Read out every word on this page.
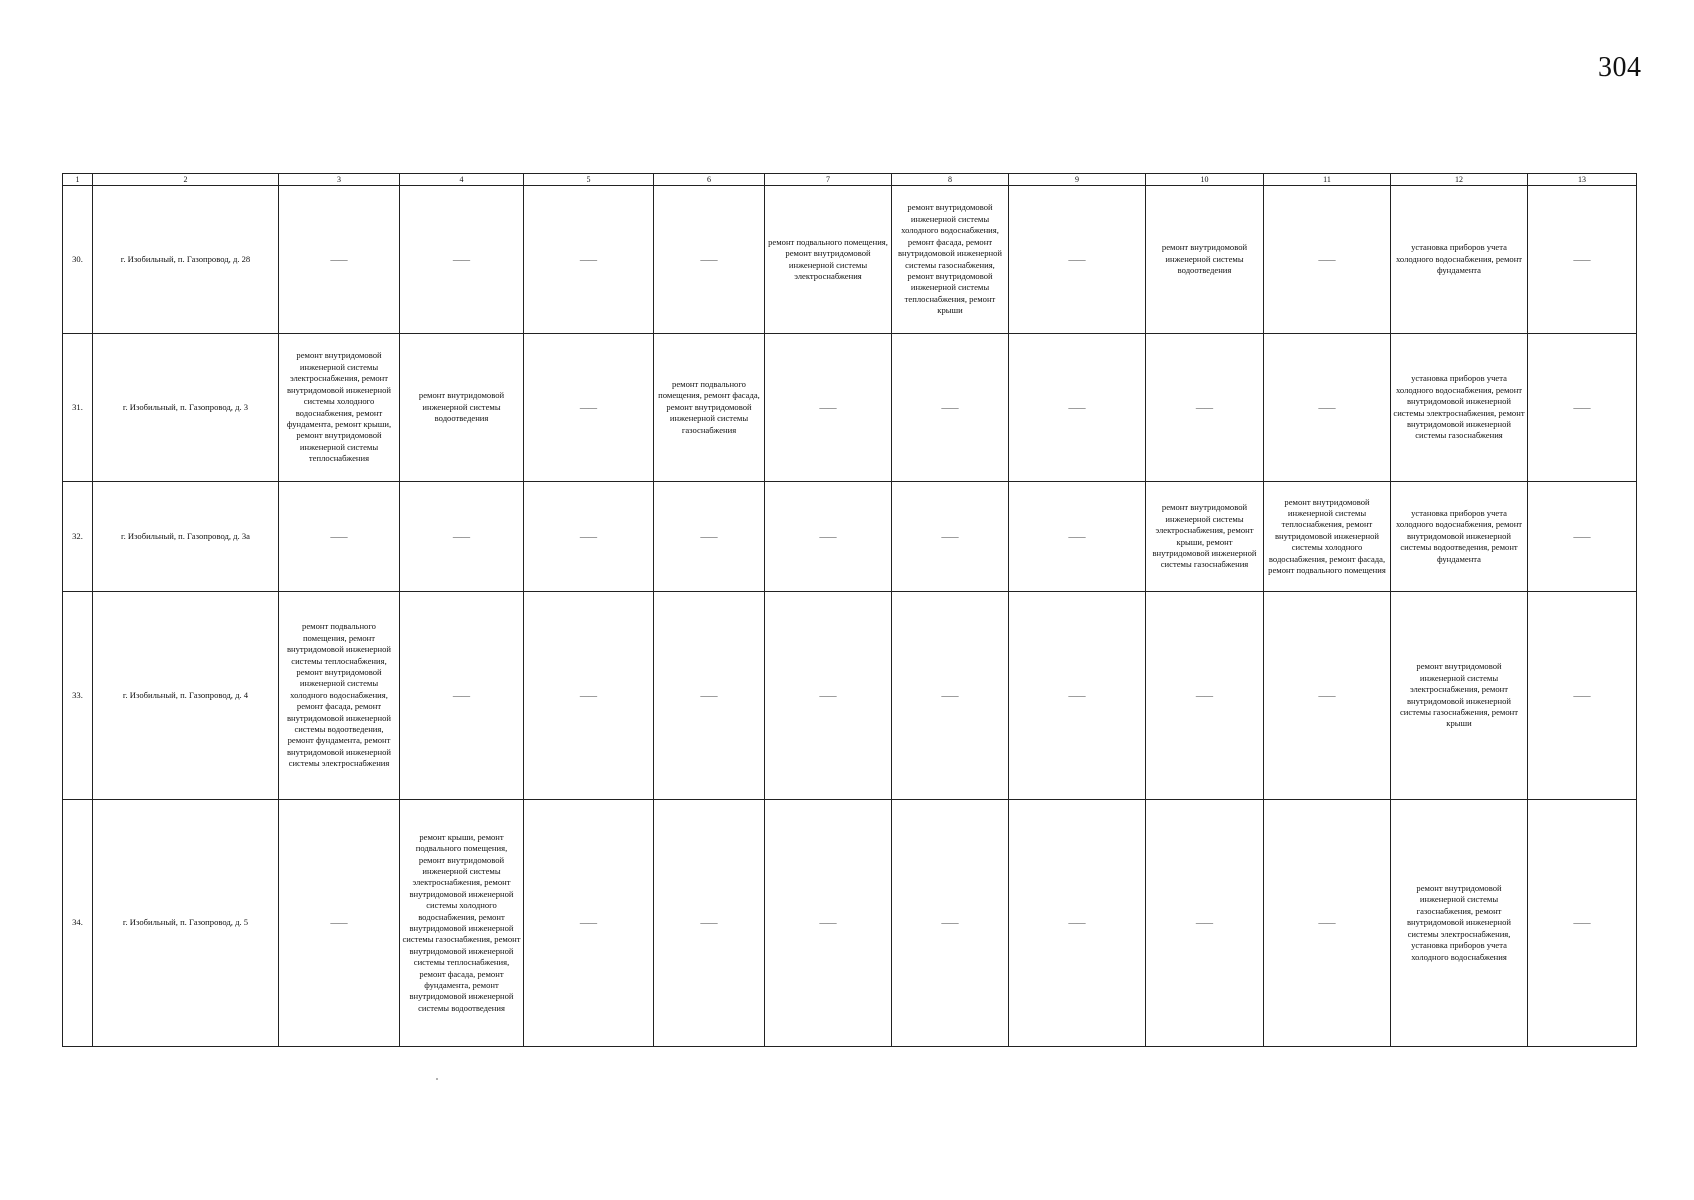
304
1	2	3	4	5	6	7	8	9	10	11	12	13
30.	г. Изобильный, п. Газопровод, д. 28	——	——	——	——	ремонт подвального помещения, ремонт внутридомовой инженерной системы электроснабжения	ремонт внутридомовой инженерной системы холодного водоснабжения, ремонт фасада, ремонт внутридомовой инженерной системы газоснабжения, ремонт внутридомовой инженерной системы теплоснабжения, ремонт крыши	——	ремонт внутридомовой инженерной системы водоотведения	——	установка приборов учета холодного водоснабжения, ремонт фундамента	——
31.	г. Изобильный, п. Газопровод, д. 3	ремонт внутридомовой инженерной системы электроснабжения, ремонт внутридомовой инженерной системы холодного водоснабжения, ремонт фундамента, ремонт крыши, ремонт внутридомовой инженерной системы теплоснабжения	ремонт внутридомовой инженерной системы водоотведения	——	ремонт подвального помещения, ремонт фасада, ремонт внутридомовой инженерной системы газоснабжения	——	——	——	——	——	установка приборов учета холодного водоснабжения, ремонт внутридомовой инженерной системы электроснабжения, ремонт внутридомовой инженерной системы газоснабжения	——
32.	г. Изобильный, п. Газопровод, д. 3а	——	——	——	——	——	——	——	ремонт внутридомовой инженерной системы электроснабжения, ремонт крыши, ремонт внутридомовой инженерной системы газоснабжения	ремонт внутридомовой инженерной системы теплоснабжения, ремонт внутридомовой инженерной системы холодного водоснабжения, ремонт фасада, ремонт подвального помещения	установка приборов учета холодного водоснабжения, ремонт внутридомовой инженерной системы водоотведения, ремонт фундамента	——
33.	г. Изобильный, п. Газопровод, д. 4	ремонт подвального помещения, ремонт внутридомовой инженерной системы теплоснабжения, ремонт внутридомовой инженерной системы холодного водоснабжения, ремонт фасада, ремонт внутридомовой инженерной системы водоотведения, ремонт фундамента, ремонт внутридомовой инженерной системы электроснабжения	——	——	——	——	——	——	——	——	ремонт внутридомовой инженерной системы электроснабжения, ремонт внутридомовой инженерной системы газоснабжения, ремонт крыши	——
34.	г. Изобильный, п. Газопровод, д. 5	——	ремонт крыши, ремонт подвального помещения, ремонт внутридомовой инженерной системы электроснабжения, ремонт внутридомовой инженерной системы холодного водоснабжения, ремонт внутридомовой инженерной системы газоснабжения, ремонт внутридомовой инженерной системы теплоснабжения, ремонт фасада, ремонт фундамента, ремонт внутридомовой инженерной системы водоотведения	——	——	——	——	——	——	——	ремонт внутридомовой инженерной системы газоснабжения, ремонт внутридомовой инженерной системы электроснабжения, установка приборов учета холодного водоснабжения	——
